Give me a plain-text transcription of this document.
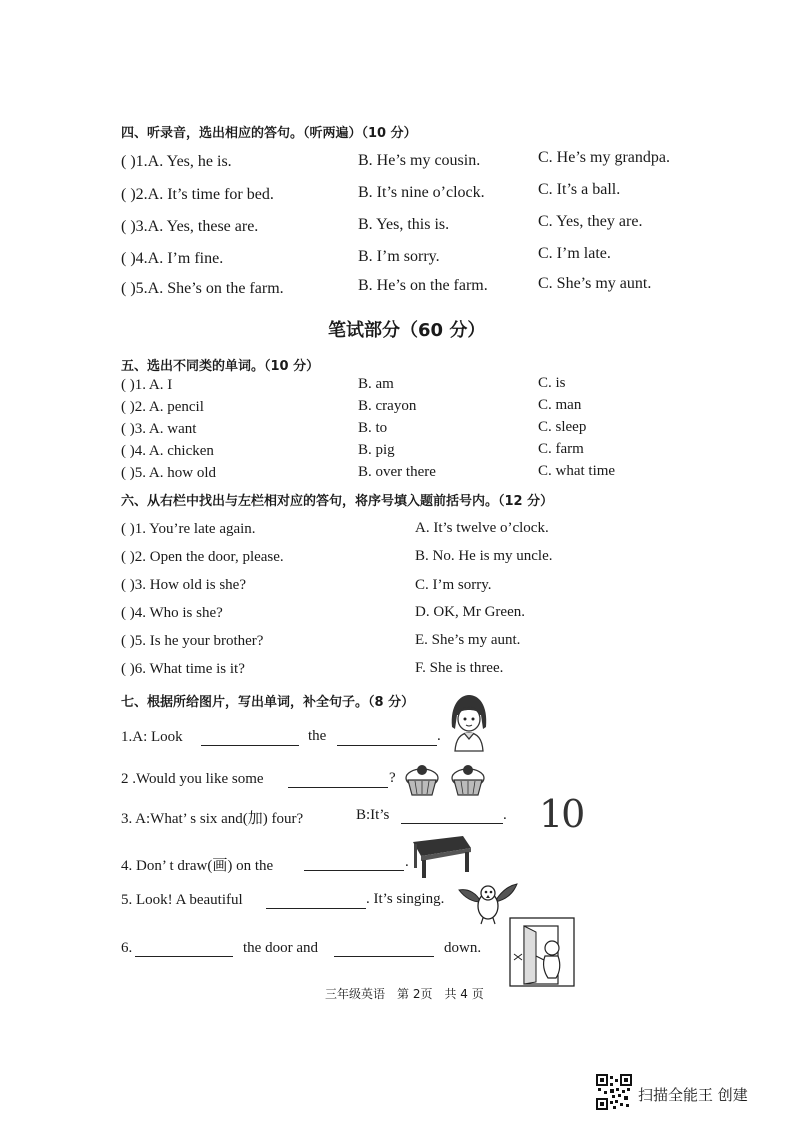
四、听录音，选出相应的答句。（听两遍）（10 分）
( )1.A. Yes, he is.	B. He’s my cousin.	C. He’s my grandpa.
( )2.A. It’s time for bed.	B. It’s nine o’clock.	C. It’s a ball.
( )3.A. Yes, these are.	B. Yes, this is.	C. Yes, they are.
( )4.A. I’m fine.	B. I’m sorry.	C. I’m late.
( )5.A. She’s on the farm.	B. He’s on the farm.	C. She’s my aunt.
笔试部分（60 分）
五、选出不同类的单词。（10 分）
( )1. A. I	B. am	C. is
( )2. A. pencil	B. crayon	C. man
( )3. A. want	B. to	C. sleep
( )4. A. chicken	B. pig	C. farm
( )5. A. how old	B. over there	C. what time
六、从右栏中找出与左栏相对应的答句，将序号填入题前括号内。（12 分）
( )1. You’re late again.	A. It’s twelve o’clock.
( )2. Open the door, please.	B. No. He is my uncle.
( )3. How old is she?	C. I’m sorry.
( )4. Who is she?	D. OK, Mr Green.
( )5. Is he your brother?	E. She’s my aunt.
( )6. What time is it?	F. She is three.
七、根据所给图片，写出单词，补全句子。（8 分）
1.A: Look	the	.
2 .Would you like some	?
3. A:What’ s six and(加) four?	B:It’s	. 10
4. Don’ t draw(画) on the	.
5. Look! A beautiful	. It’s singing.
6.	the door and	down.
三年级英语　第 2页　共 4 页
扫描全能王 创建
